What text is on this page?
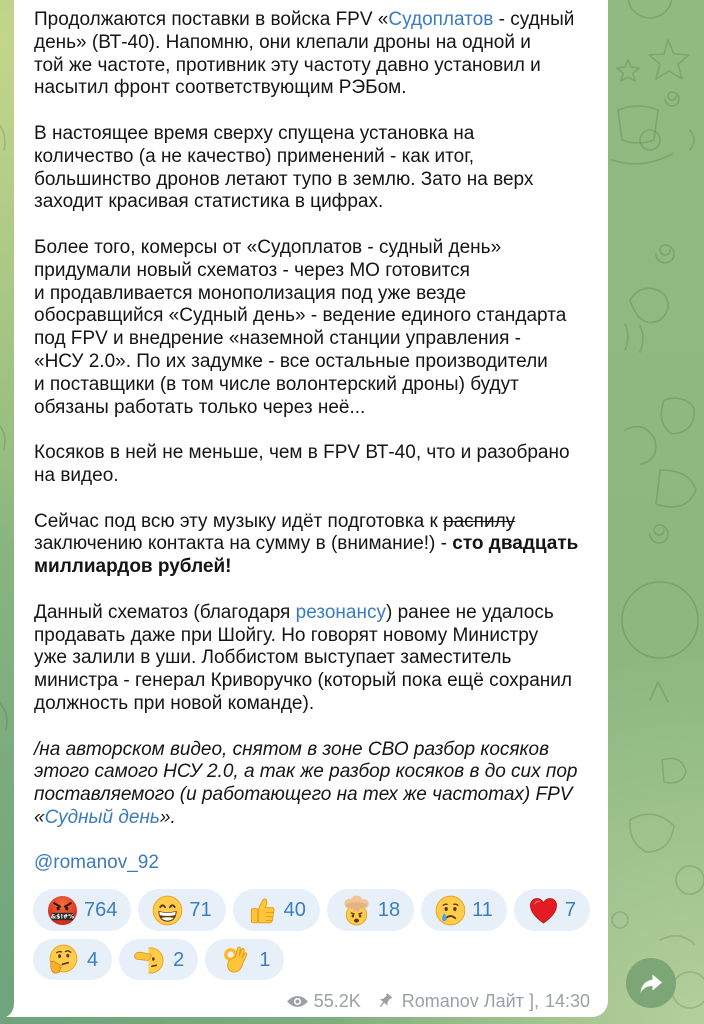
Продолжаются поставки в войска FPV «Судоплатов - судный
день» (ВТ-40). Напомню, они клепали дроны на одной и
той же частоте, противник эту частоту давно установил и
насытил фронт соответствующим РЭБом.
В настоящее время сверху спущена установка на
количество (а не качество) применений - как итог,
большинство дронов летают тупо в землю. Зато на верх
заходит красивая статистика в цифрах.
Более того, комерсы от «Судоплатов - судный день»
придумали новый схематоз - через МО готовится
и продавливается монополизация под уже везде
обосравщийся «Судный день» - ведение единого стандарта
под FPV и внедрение «наземной станции управления -
«НСУ 2.0». По их задумке - все остальные производители
и поставщики (в том числе волонтерский дроны) будут
обязаны работать только через неё...
Косяков в ней не меньше, чем в FPV ВТ-40, что и разобрано
на видео.
Сейчас под всю эту музыку идёт подготовка к распилу
заключению контакта на сумму в (внимание!) - сто двадцать
миллиардов рублей!
Данный схематоз (благодаря резонансу) ранее не удалось
продавать даже при Шойгу. Но говорят новому Министру
уже залили в уши. Лоббистом выступает заместитель
министра - генерал Криворучко (который пока ещё сохранил
должность при новой команде).
/на авторском видео, снятом в зоне СВО разбор косяков
этого самого НСУ 2.0, а так же разбор косяков в до сих пор
поставляемого (и работающего на тех же частотах) FPV
«Судный день».
@romanov_92
&$!#% 764	71	40	18	11	7
4	2	1
55.2K Romanov Лайт ], 14:30
